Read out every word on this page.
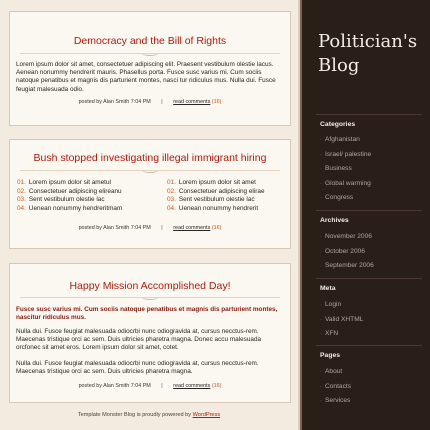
Democracy and the Bill of Rights
Lorem ipsum dolor sit amet, consectetuer adipiscing elit. Praesent vestibulum olestie lacus. Aenean nonummy hendrerit mauris. Phasellus porta. Fusce susc varius mi. Cum sociis natoque penatibus et magnis dis parturient montes, nasci tur ridiculus mus. Nulla dui. Fusce feugiat malesuada odio.
posted by Alan Smith 7:04 PM | read comments (16)
Bush stopped investigating illegal immigrant hiring
01. Lorem ipsum dolor sit ametul
02. Consectetuer adipiscing elireanu
03. Sent vestibulum olestie lac
04. Uenean nonummy hendreritmam
01. Lorem ipsum dolor sit amet
02. Consectetuer adipiscing elirae
03. Sent vestibulum olestie lac
04. Uenean nonummy hendrerit
posted by Alan Smith 7:04 PM | read comments (16)
Happy Mission Accomplished Day!
Fusce susc varius mi. Cum sociis natoque penatibus et magnis dis parturient montes, nascitur ridiculus mus.
Nulla dui. Fusce feugiat malesuada odiocrbi nunc odiogravida at, cursus necctus-rem. Maecenas tristique orci ac sem. Duis ultricies pharetra magna. Donec accu malesuada orcfonec sit amet eros. Lorem ipsum dolor sit amet, cotet.
Nulla dui. Fusce feugiat malesuada odiocrbi nunc odiogravida at, cursus necctus-rem. Maecenas tristique orci ac sem. Duis ultricies pharetra magna.
posted by Alan Smith 7:04 PM | read comments (16)
Template Monster Blog is proudly powered by WordPress
Politician's
Blog
Categories
· Afghanistan
· Israel/ palestine
· Business
· Global warming
· Congress
Archives
· November 2006
· October 2006
· September 2006
Meta
· Login
· Valid XHTML
· XFN
Pages
· About
· Contacts
· Services
